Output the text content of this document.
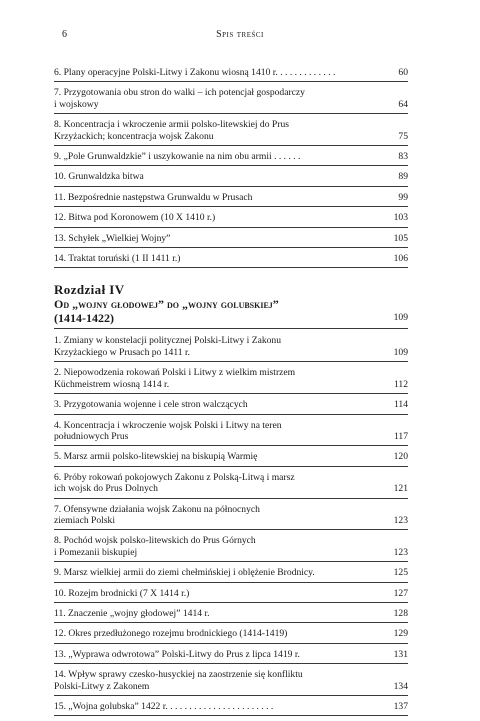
6	Spis treści
6. Plany operacyjne Polski-Litwy i Zakonu wiosną 1410 r. . . . . . . . . . . . .	60
7. Przygotowania obu stron do walki – ich potencjał gospodarczy
i wojskowy	64
8. Koncentracja i wkroczenie armii polsko-litewskiej do Prus
Krzyżackich; koncentracja wojsk Zakonu	75
9. „Pole Grunwaldzkie” i uszykowanie na nim obu armii . . . . . .	83
10. Grunwaldzka bitwa	89
11. Bezpośrednie następstwa Grunwaldu w Prusach	99
12. Bitwa pod Koronowem (10 X 1410 r.)	103
13. Schyłek „Wielkiej Wojny”	105
14. Traktat toruński (1 II 1411 r.)	106
Rozdział IV
Od „wojny głodowej” do „wojny golubskiej”
(1414-1422)	109
1. Zmiany w konstelacji politycznej Polski-Litwy i Zakonu
Krzyżackiego w Prusach po 1411 r.	109
2. Niepowodzenia rokowań Polski i Litwy z wielkim mistrzem
Küchmeistrem wiosną 1414 r.	112
3. Przygotowania wojenne i cele stron walczących	114
4. Koncentracja i wkroczenie wojsk Polski i Litwy na teren
południowych Prus	117
5. Marsz armii polsko-litewskiej na biskupią Warmię	120
6. Próby rokowań pokojowych Zakonu z Polską-Litwą i marsz
ich wojsk do Prus Dolnych	121
7. Ofensywne działania wojsk Zakonu na północnych
ziemiach Polski	123
8. Pochód wojsk polsko-litewskich do Prus Górnych
i Pomezanii biskupiej	123
9. Marsz wielkiej armii do ziemi chełmińskiej i oblężenie Brodnicy.	125
10. Rozejm brodnicki (7 X 1414 r.)	127
11. Znaczenie „wojny głodowej” 1414 r.	128
12. Okres przedłużonego rozejmu brodnickiego (1414-1419)	129
13. „Wyprawa odwrotowa” Polski-Litwy do Prus z lipca 1419 r.	131
14. Wpływ sprawy czesko-husyckiej na zaostrzenie się konfliktu
Polski-Litwy z Zakonem	134
15. „Wojna golubska” 1422 r. . . . . . . . . . . . . . . . . . . . . . .	137
